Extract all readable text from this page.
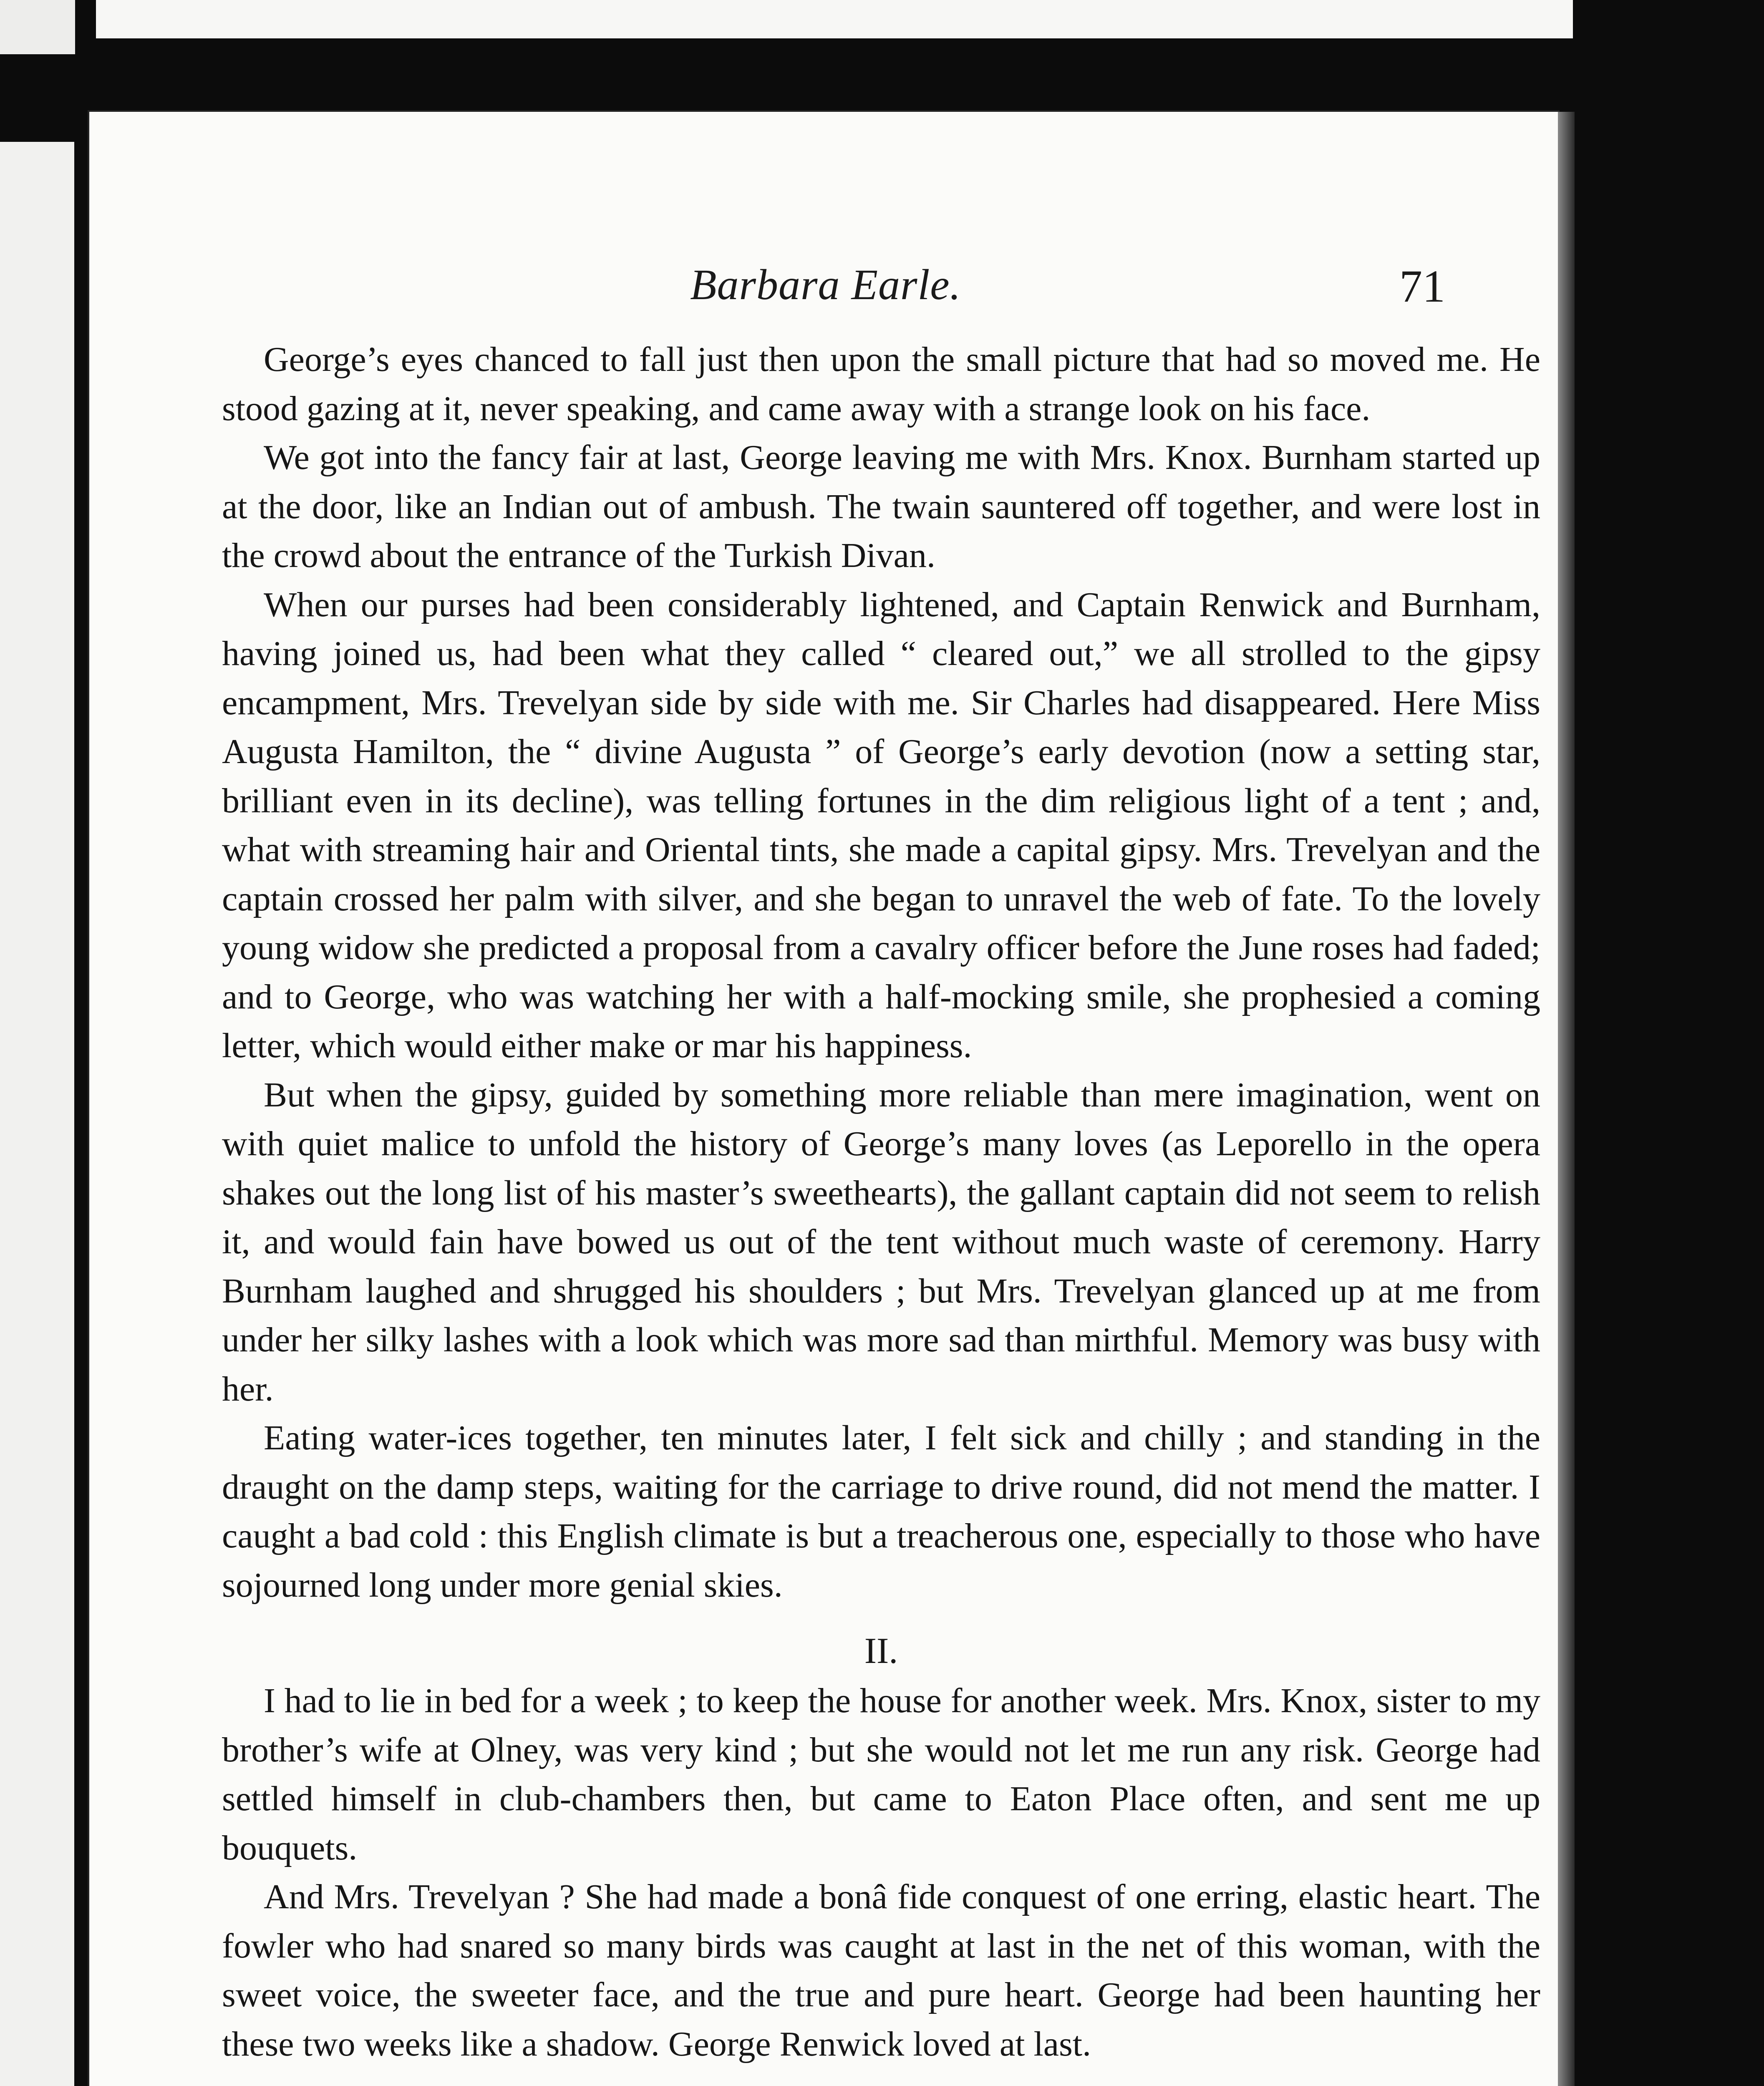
Barbara Earle.	71

George’s eyes chanced to fall just then upon the small picture that had so moved me. He stood gazing at it, never speaking, and came away with a strange look on his face.

We got into the fancy fair at last, George leaving me with Mrs. Knox. Burnham started up at the door, like an Indian out of ambush. The twain sauntered off together, and were lost in the crowd about the entrance of the Turkish Divan.

When our purses had been considerably lightened, and Captain Renwick and Burnham, having joined us, had been what they called “ cleared out,” we all strolled to the gipsy encampment, Mrs. Trevelyan side by side with me. Sir Charles had disappeared. Here Miss Augusta Hamilton, the “ divine Augusta ” of George’s early devotion (now a setting star, brilliant even in its decline), was telling fortunes in the dim religious light of a tent ; and, what with streaming hair and Oriental tints, she made a capital gipsy. Mrs. Trevelyan and the captain crossed her palm with silver, and she began to unravel the web of fate. To the lovely young widow she predicted a proposal from a cavalry officer before the June roses had faded; and to George, who was watching her with a half-mocking smile, she prophesied a coming letter, which would either make or mar his happiness.

But when the gipsy, guided by something more reliable than mere imagination, went on with quiet malice to unfold the history of George’s many loves (as Leporello in the opera shakes out the long list of his master’s sweethearts), the gallant captain did not seem to relish it, and would fain have bowed us out of the tent without much waste of ceremony. Harry Burnham laughed and shrugged his shoulders ; but Mrs. Trevelyan glanced up at me from under her silky lashes with a look which was more sad than mirthful. Memory was busy with her.

Eating water-ices together, ten minutes later, I felt sick and chilly ; and standing in the draught on the damp steps, waiting for the carriage to drive round, did not mend the matter. I caught a bad cold : this English climate is but a treacherous one, especially to those who have sojourned long under more genial skies.

II.

I had to lie in bed for a week ; to keep the house for another week. Mrs. Knox, sister to my brother’s wife at Olney, was very kind ; but she would not let me run any risk. George had settled himself in club-chambers then, but came to Eaton Place often, and sent me up bouquets.

And Mrs. Trevelyan ? She had made a bonâ fide conquest of one erring, elastic heart. The fowler who had snared so many birds was caught at last in the net of this woman, with the sweet voice, the sweeter face, and the true and pure heart. George had been haunting her these two weeks like a shadow. George Renwick loved at last.
